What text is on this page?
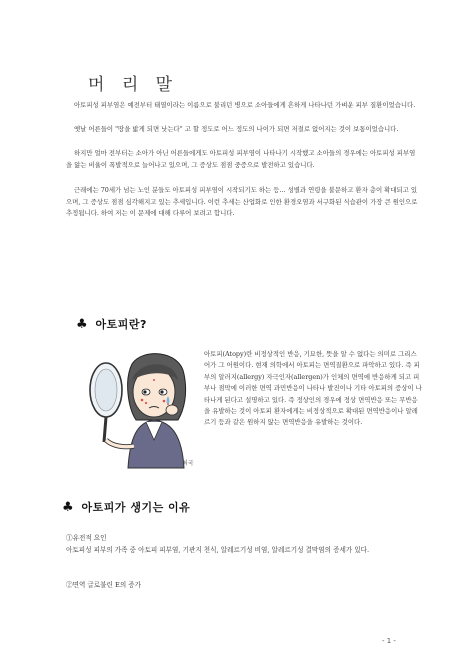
머 리 말

아토피성 피부염은 예전부터 태열이라는 이름으로 불리던 병으로 소아들에게 흔하게 나타나던 가벼운 피부 질환이었습니다.

옛날 어른들이 "땅을 밟게 되면 낫는다" 고 할 정도로 어느 정도의 나이가 되면 저절로 없어지는 것이 보통이었습니다.

하지만 얼마 전부터는 소아가 아닌 어른들에게도 아토피성 피부염이 나타나기 시작했고 소아들의 경우에는 아토피성 피부염을 앓는 비율이 폭발적으로 늘어나고 있으며, 그 증상도 점점 중증으로 발전하고 있습니다.

근래에는 70세가 넘는 노인 분들도 아토피성 피부염이 시작되기도 하는 등... 성별과 연령을 불문하고 환자 층이 확대되고 있으며, 그 증상도 점점 심각해지고 있는 추세입니다. 이런 추세는 산업화로 인한 환경오염과 서구화된 식습관이 가장 큰 원인으로 추정됩니다. 하여 저는 이 문제에 대해 다루어 보려고 합니다.

♣ 아토피란?
최국

아토피(Atopy)란 비정상적인 반응, 기묘한, 뜻을 알 수 없다는 의미로 그리스어가 그 어원이다. 현재 의학에서 아토피는 면역질환으로 파악하고 있다. 즉 피부의 알러지(allergy) 자극인자(allergen)가 인체의 면역에 반응하게 되고 피부나 점막에 이러한 면역 과민반응이 나타나 발진이나 기타 아토피의 증상이 나타나게 된다고 설명하고 있다. 즉 정상인의 경우에 정상 면역반응 또는 무반응을 유발하는 것이 아토피 환자에게는 비정상적으로 확대된 면역반응이나 알레르기 등과 같은 원하지 않는 면역반응을 유발하는 것이다.

♣ 아토피가 생기는 이유

①유전적 요인

아토피성 피부의 가족 중 아토피 피부염, 기관지 천식, 알레르기성 비염, 알레르기성 결막염의 증세가 있다.

②면역 글로불린 E의 증가

- 1 -
